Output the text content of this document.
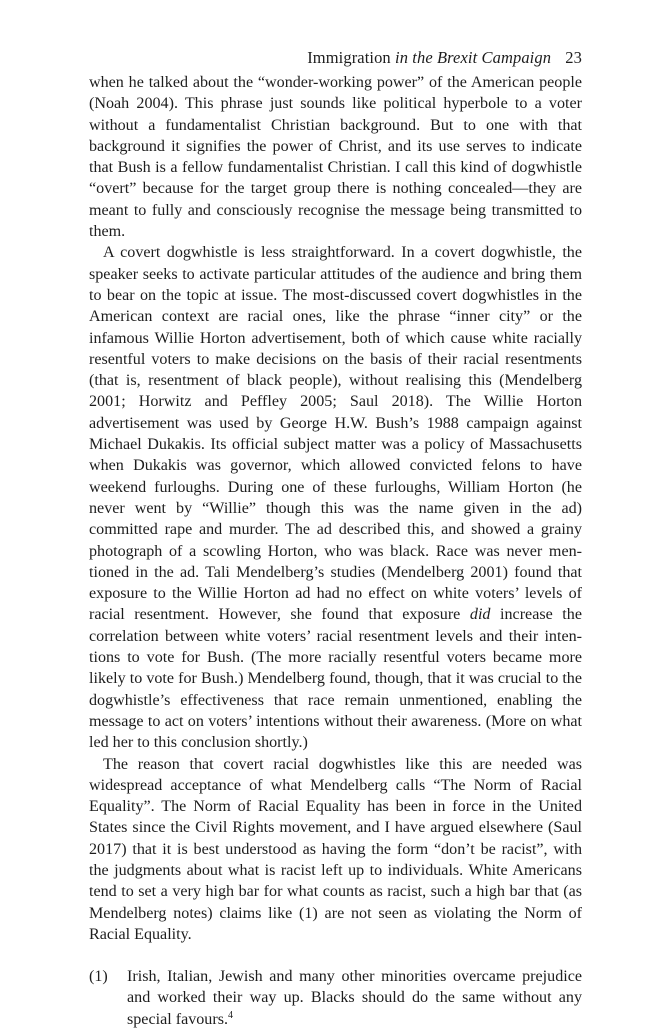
Immigration in the Brexit Campaign 23

when he talked about the “wonder-working power” of the American people (Noah 2004). This phrase just sounds like political hyperbole to a voter without a fundamentalist Christian background. But to one with that background it signifies the power of Christ, and its use serves to indicate that Bush is a fellow fundamentalist Christian. I call this kind of dogwhistle “overt” because for the target group there is nothing concealed—they are meant to fully and consciously recognise the message being transmitted to them.

A covert dogwhistle is less straightforward. In a covert dogwhistle, the speaker seeks to activate particular attitudes of the audience and bring them to bear on the topic at issue. The most-discussed covert dogwhistles in the American context are racial ones, like the phrase “inner city” or the infamous Willie Horton advertisement, both of which cause white racially resentful voters to make decisions on the basis of their racial resentments (that is, resentment of black people), without realising this (Mendelberg 2001; Horwitz and Peffley 2005; Saul 2018). The Willie Horton advertisement was used by George H.W. Bush’s 1988 campaign against Michael Dukakis. Its official subject matter was a policy of Massachusetts when Dukakis was governor, which allowed convicted felons to have weekend furloughs. During one of these furloughs, William Horton (he never went by “Willie” though this was the name given in the ad) committed rape and murder. The ad described this, and showed a grainy photograph of a scowling Horton, who was black. Race was never mentioned in the ad. Tali Mendelberg’s studies (Mendelberg 2001) found that exposure to the Willie Horton ad had no effect on white voters’ levels of racial resentment. However, she found that exposure did increase the correlation between white voters’ racial resentment levels and their intentions to vote for Bush. (The more racially resentful voters became more likely to vote for Bush.) Mendelberg found, though, that it was crucial to the dogwhistle’s effectiveness that race remain unmentioned, enabling the message to act on voters’ intentions without their awareness. (More on what led her to this conclusion shortly.)

The reason that covert racial dogwhistles like this are needed was widespread acceptance of what Mendelberg calls “The Norm of Racial Equality”. The Norm of Racial Equality has been in force in the United States since the Civil Rights movement, and I have argued elsewhere (Saul 2017) that it is best understood as having the form “don’t be racist”, with the judgments about what is racist left up to individuals. White Americans tend to set a very high bar for what counts as racist, such a high bar that (as Mendelberg notes) claims like (1) are not seen as violating the Norm of Racial Equality.

(1) Irish, Italian, Jewish and many other minorities overcame prejudice and worked their way up. Blacks should do the same without any special favours.$^4$
